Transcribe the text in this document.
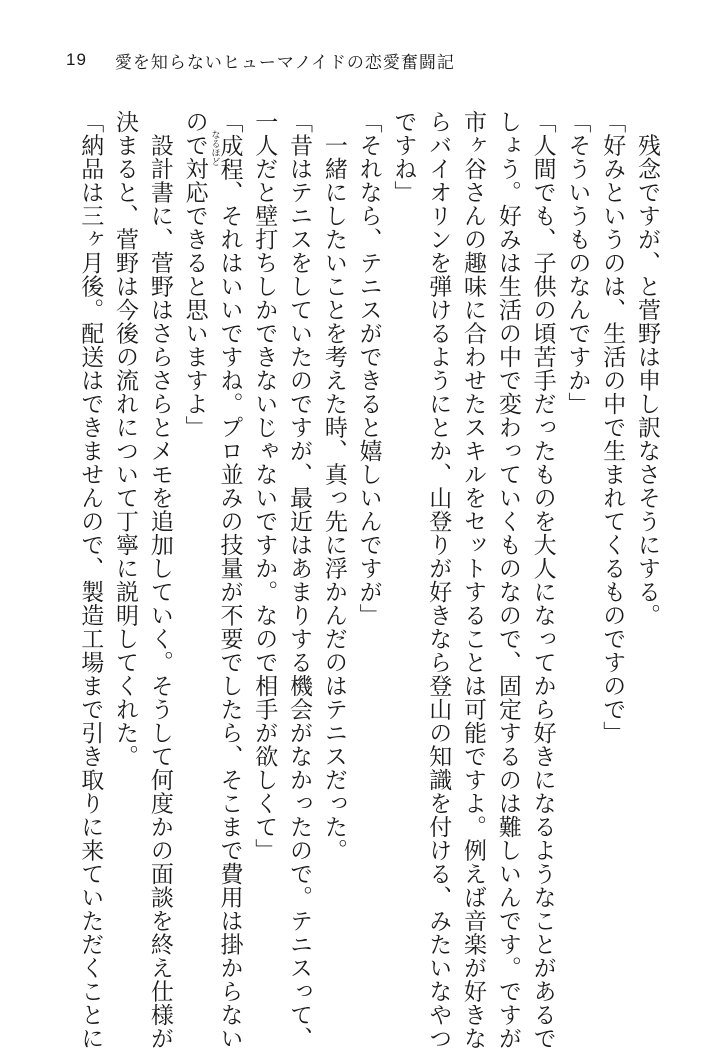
19 愛を知らないヒューマノイドの恋愛奮闘記
　残念ですが、と菅野は申し訳なさそうにする。
「好みというのは、生活の中で生まれてくるものですので」
「そういうものなんですか」
「人間でも、子供の頃苦手だったものを大人になってから好きになるようなことがあるで
しょう。好みは生活の中で変わっていくものなので、固定するのは難しいんです。ですが
市ヶ谷さんの趣味に合わせたスキルをセットすることは可能ですよ。例えば音楽が好きな
らバイオリンを弾けるようにとか、山登りが好きなら登山の知識を付ける、みたいなやつ
ですね」
「それなら、テニスができると嬉しいんですが」
　一緒にしたいことを考えた時、真っ先に浮かんだのはテニスだった。
「昔はテニスをしていたのですが、最近はあまりする機会がなかったので。テニスって、
一人だと壁打ちしかできないじゃないですか。なので相手が欲しくて」
「成程
なるほど
、それはいいですね。プロ並みの技量が不要でしたら、そこまで費用は掛からない
ので対応できると思いますよ」
　設計書に、菅野はさらさらとメモを追加していく。そうして何度かの面談を終え仕様が
決まると、菅野は今後の流れについて丁寧に説明してくれた。
「納品は三ヶ月後。配送はできませんので、製造工場まで引き取りに来ていただくことに
